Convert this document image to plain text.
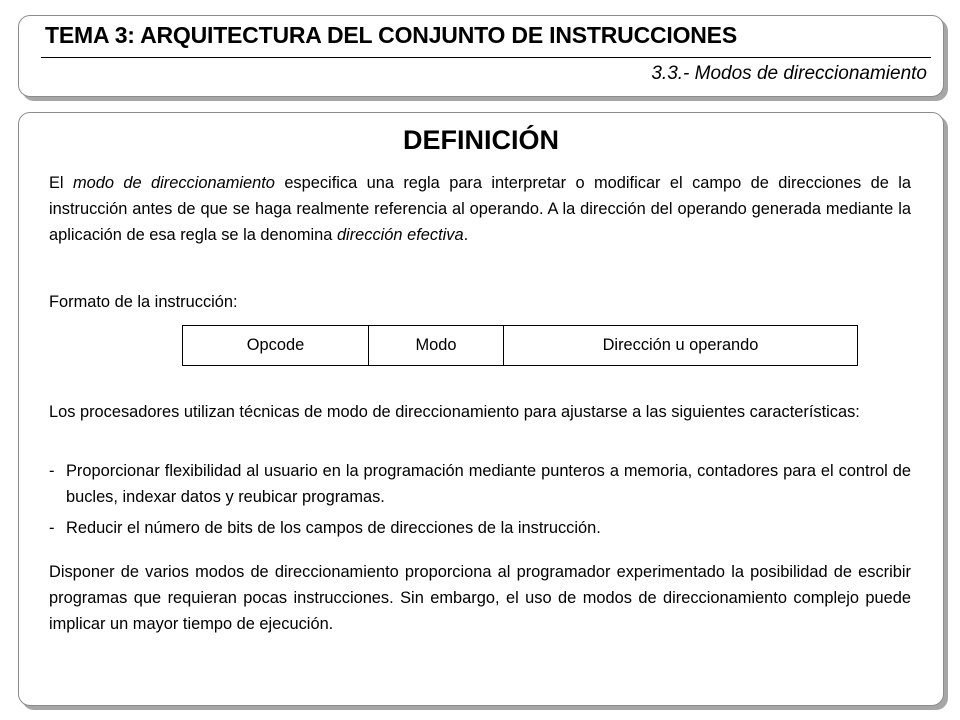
TEMA 3: ARQUITECTURA DEL CONJUNTO DE INSTRUCCIONES
3.3.- Modos de direccionamiento
DEFINICIÓN
El modo de direccionamiento especifica una regla para interpretar o modificar el campo de direcciones de la instrucción antes de que se haga realmente referencia al operando. A la dirección del operando generada mediante la aplicación de esa regla se la denomina dirección efectiva.
Formato de la instrucción:
Opcode	Modo	Dirección u operando
Los procesadores utilizan técnicas de modo de direccionamiento para ajustarse a las siguientes características:
- Proporcionar flexibilidad al usuario en la programación mediante punteros a memoria, contadores para el control de bucles, indexar datos y reubicar programas.
- Reducir el número de bits de los campos de direcciones de la instrucción.
Disponer de varios modos de direccionamiento proporciona al programador experimentado la posibilidad de escribir programas que requieran pocas instrucciones. Sin embargo, el uso de modos de direccionamiento complejo puede implicar un mayor tiempo de ejecución.
